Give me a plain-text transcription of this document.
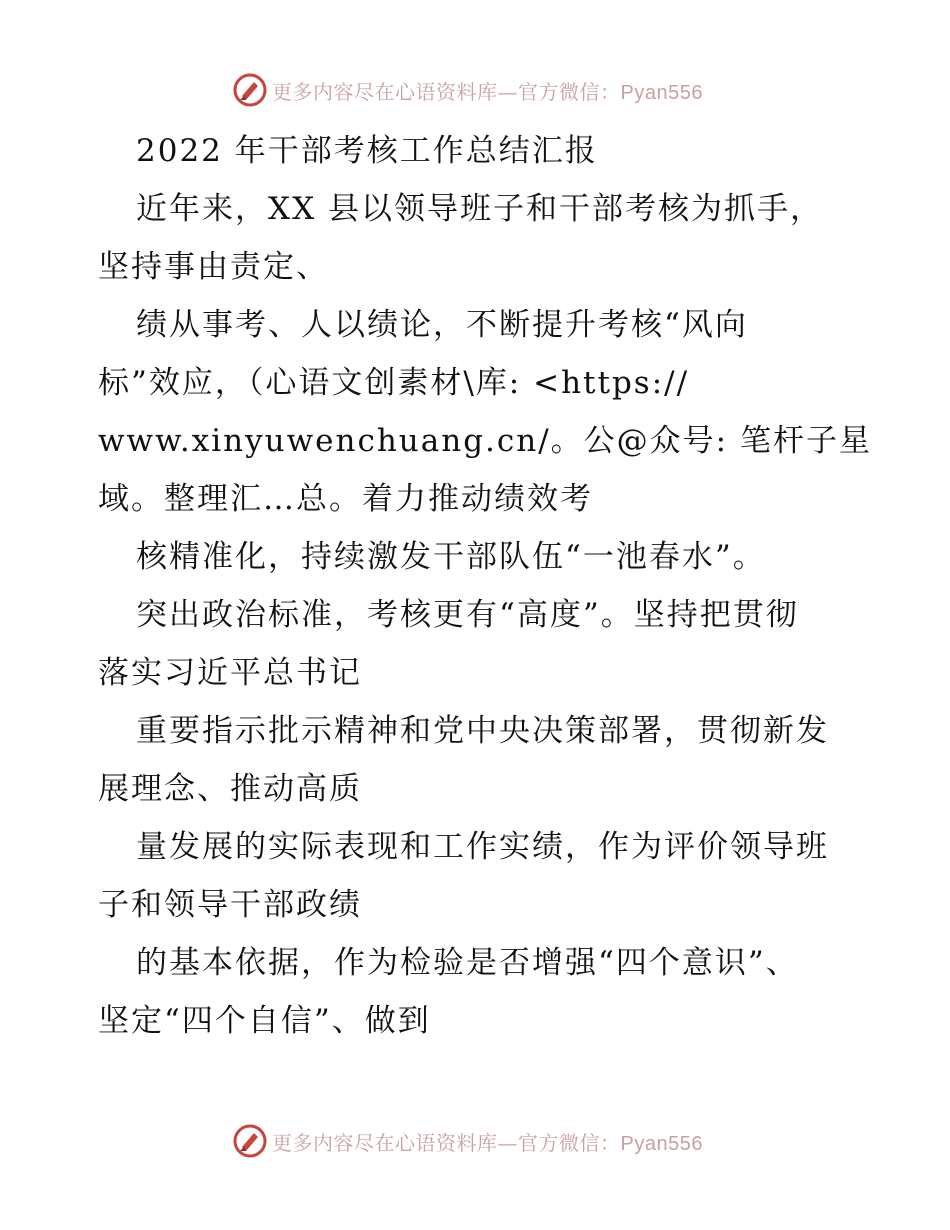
更多内容尽在心语资料库—官方微信：Pyan556
2022 年干部考核工作总结汇报
近年来，XX 县以领导班子和干部考核为抓手，
坚持事由责定、
绩从事考、人以绩论，不断提升考核“风向
标”效应，（心语文创素材\库: <https://
www.xinyuwenchuang.cn/。公@众号: 笔杆子星
域。整理汇…总。着力推动绩效考
核精准化，持续激发干部队伍“一池春水”。
突出政治标准，考核更有“高度”。坚持把贯彻
落实习近平总书记
重要指示批示精神和党中央决策部署，贯彻新发
展理念、推动高质
量发展的实际表现和工作实绩，作为评价领导班
子和领导干部政绩
的基本依据，作为检验是否增强“四个意识”、
坚定“四个自信”、做到
更多内容尽在心语资料库—官方微信：Pyan556
